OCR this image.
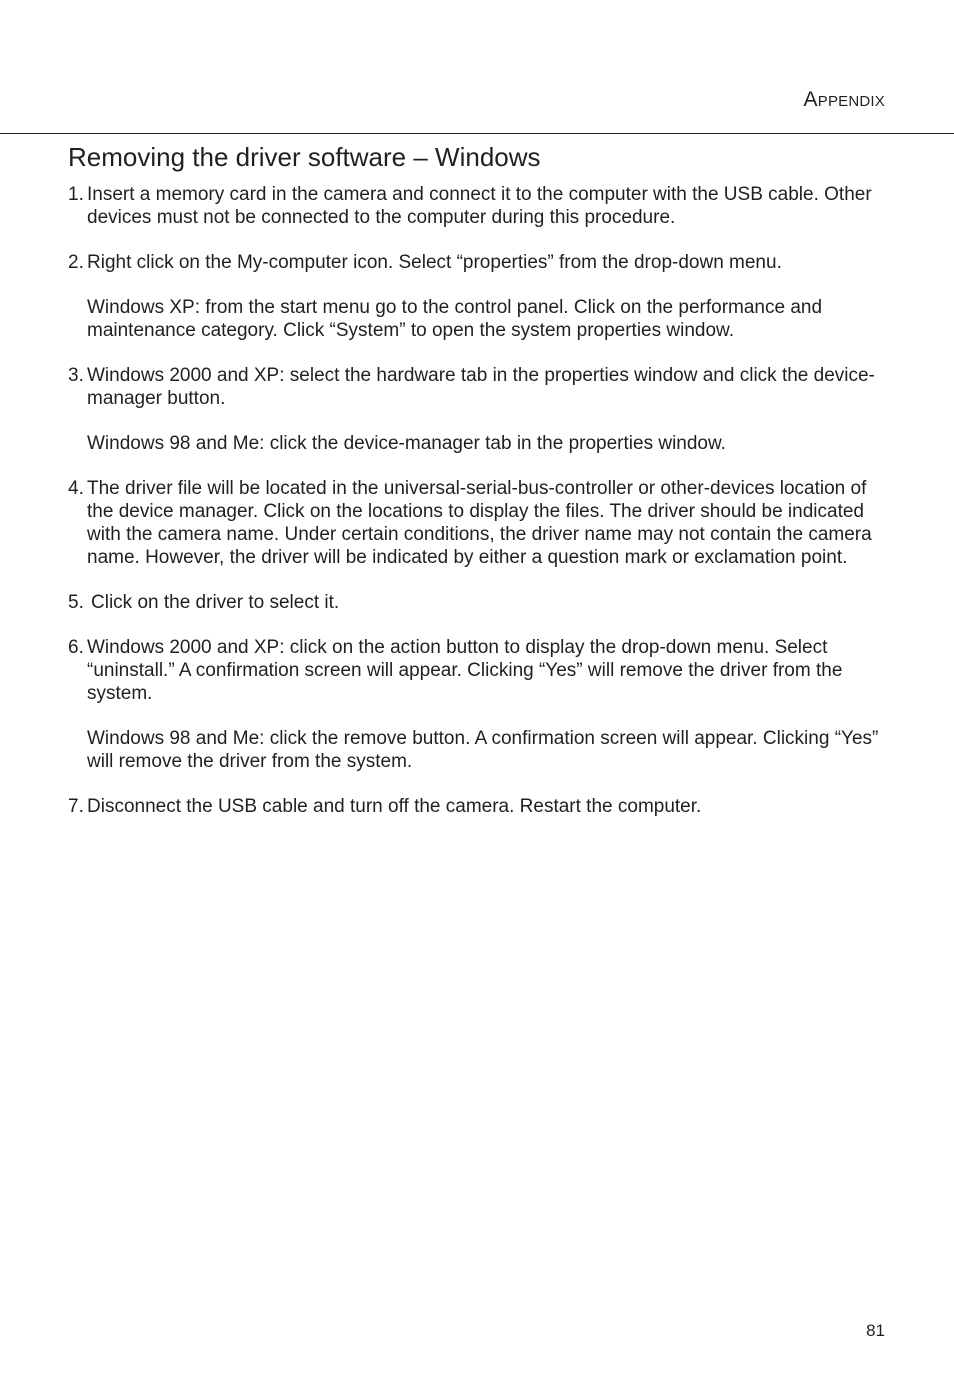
Appendix
Removing the driver software – Windows
1. Insert a memory card in the camera and connect it to the computer with the USB cable. Other devices must not be connected to the computer during this procedure.

2. Right click on the My-computer icon. Select “properties” from the drop-down menu.

Windows XP: from the start menu go to the control panel. Click on the performance and maintenance category. Click “System” to open the system properties window.

3. Windows 2000 and XP: select the hardware tab in the properties window and click the device-manager button.

Windows 98 and Me: click the device-manager tab in the properties window.

4. The driver file will be located in the universal-serial-bus-controller or other-devices location of the device manager. Click on the locations to display the files. The driver should be indicated with the camera name. Under certain conditions, the driver name may not contain the camera name. However, the driver will be indicated by either a question mark or exclamation point.

5. Click on the driver to select it.

6. Windows 2000 and XP: click on the action button to display the drop-down menu. Select “uninstall.” A confirmation screen will appear. Clicking “Yes” will remove the driver from the system.

Windows 98 and Me: click the remove button. A confirmation screen will appear. Clicking “Yes” will remove the driver from the system.

7. Disconnect the USB cable and turn off the camera. Restart the computer.

81
